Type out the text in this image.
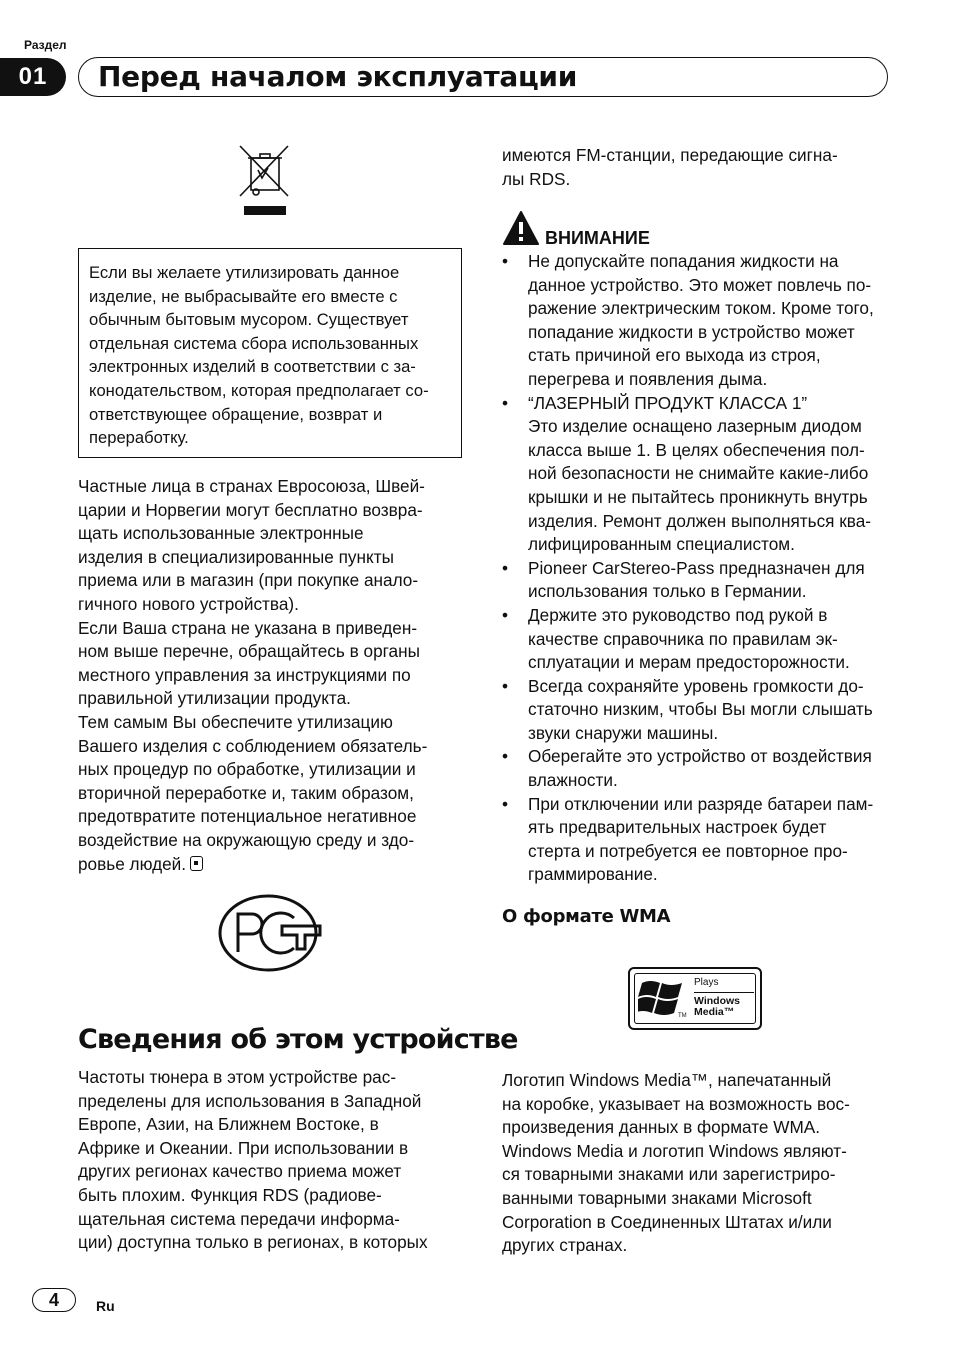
Раздел
01	Перед началом эксплуатации
Если вы желаете утилизировать данное
изделие, не выбрасывайте его вместе с
обычным бытовым мусором. Существует
отдельная система сбора использованных
электронных изделий в соответствии с за-
конодательством, которая предполагает со-
ответствующее обращение, возврат и
переработку.
Частные лица в странах Евросоюза, Швей-
царии и Норвегии могут бесплатно возвра-
щать использованные электронные
изделия в специализированные пункты
приема или в магазин (при покупке анало-
гичного нового устройства).
Если Ваша страна не указана в приведен-
ном выше перечне, обращайтесь в органы
местного управления за инструкциями по
правильной утилизации продукта.
Тем самым Вы обеспечите утилизацию
Вашего изделия с соблюдением обязатель-
ных процедур по обработке, утилизации и
вторичной переработке и, таким образом,
предотвратите потенциальное негативное
воздействие на окружающую среду и здо-
ровье людей.
Сведения об этом устройстве
Частоты тюнера в этом устройстве рас-
пределены для использования в Западной
Европе, Азии, на Ближнем Востоке, в
Африке и Океании. При использовании в
других регионах качество приема может
быть плохим. Функция RDS (радиове-
щательная система передачи информа-
ции) доступна только в регионах, в которых
имеются FM-станции, передающие сигна-
лы RDS.
ВНИМАНИЕ
• Не допускайте попадания жидкости на
данное устройство. Это может повлечь по-
ражение электрическим током. Кроме того,
попадание жидкости в устройство может
стать причиной его выхода из строя,
перегрева и появления дыма.
• “ЛАЗЕРНЫЙ ПРОДУКТ КЛАССА 1”
Это изделие оснащено лазерным диодом
класса выше 1. В целях обеспечения пол-
ной безопасности не снимайте какие-либо
крышки и не пытайтесь проникнуть внутрь
изделия. Ремонт должен выполняться ква-
лифицированным специалистом.
• Pioneer CarStereo-Pass предназначен для
использования только в Германии.
• Держите это руководство под рукой в
качестве справочника по правилам эк-
сплуатации и мерам предосторожности.
• Всегда сохраняйте уровень громкости до-
статочно низким, чтобы Вы могли слышать
звуки снаружи машины.
• Оберегайте это устройство от воздействия
влажности.
• При отключении или разряде батареи пам-
ять предварительных настроек будет
стерта и потребуется ее повторное про-
граммирование.
О формате WMA
Plays
Windows
Media™
TM
Логотип Windows Media™, напечатанный
на коробке, указывает на возможность вос-
произведения данных в формате WMA.
Windows Media и логотип Windows являют-
ся товарными знаками или зарегистриро-
ванными товарными знаками Microsoft
Corporation в Соединенных Штатах и/или
других странах.
4	Ru
